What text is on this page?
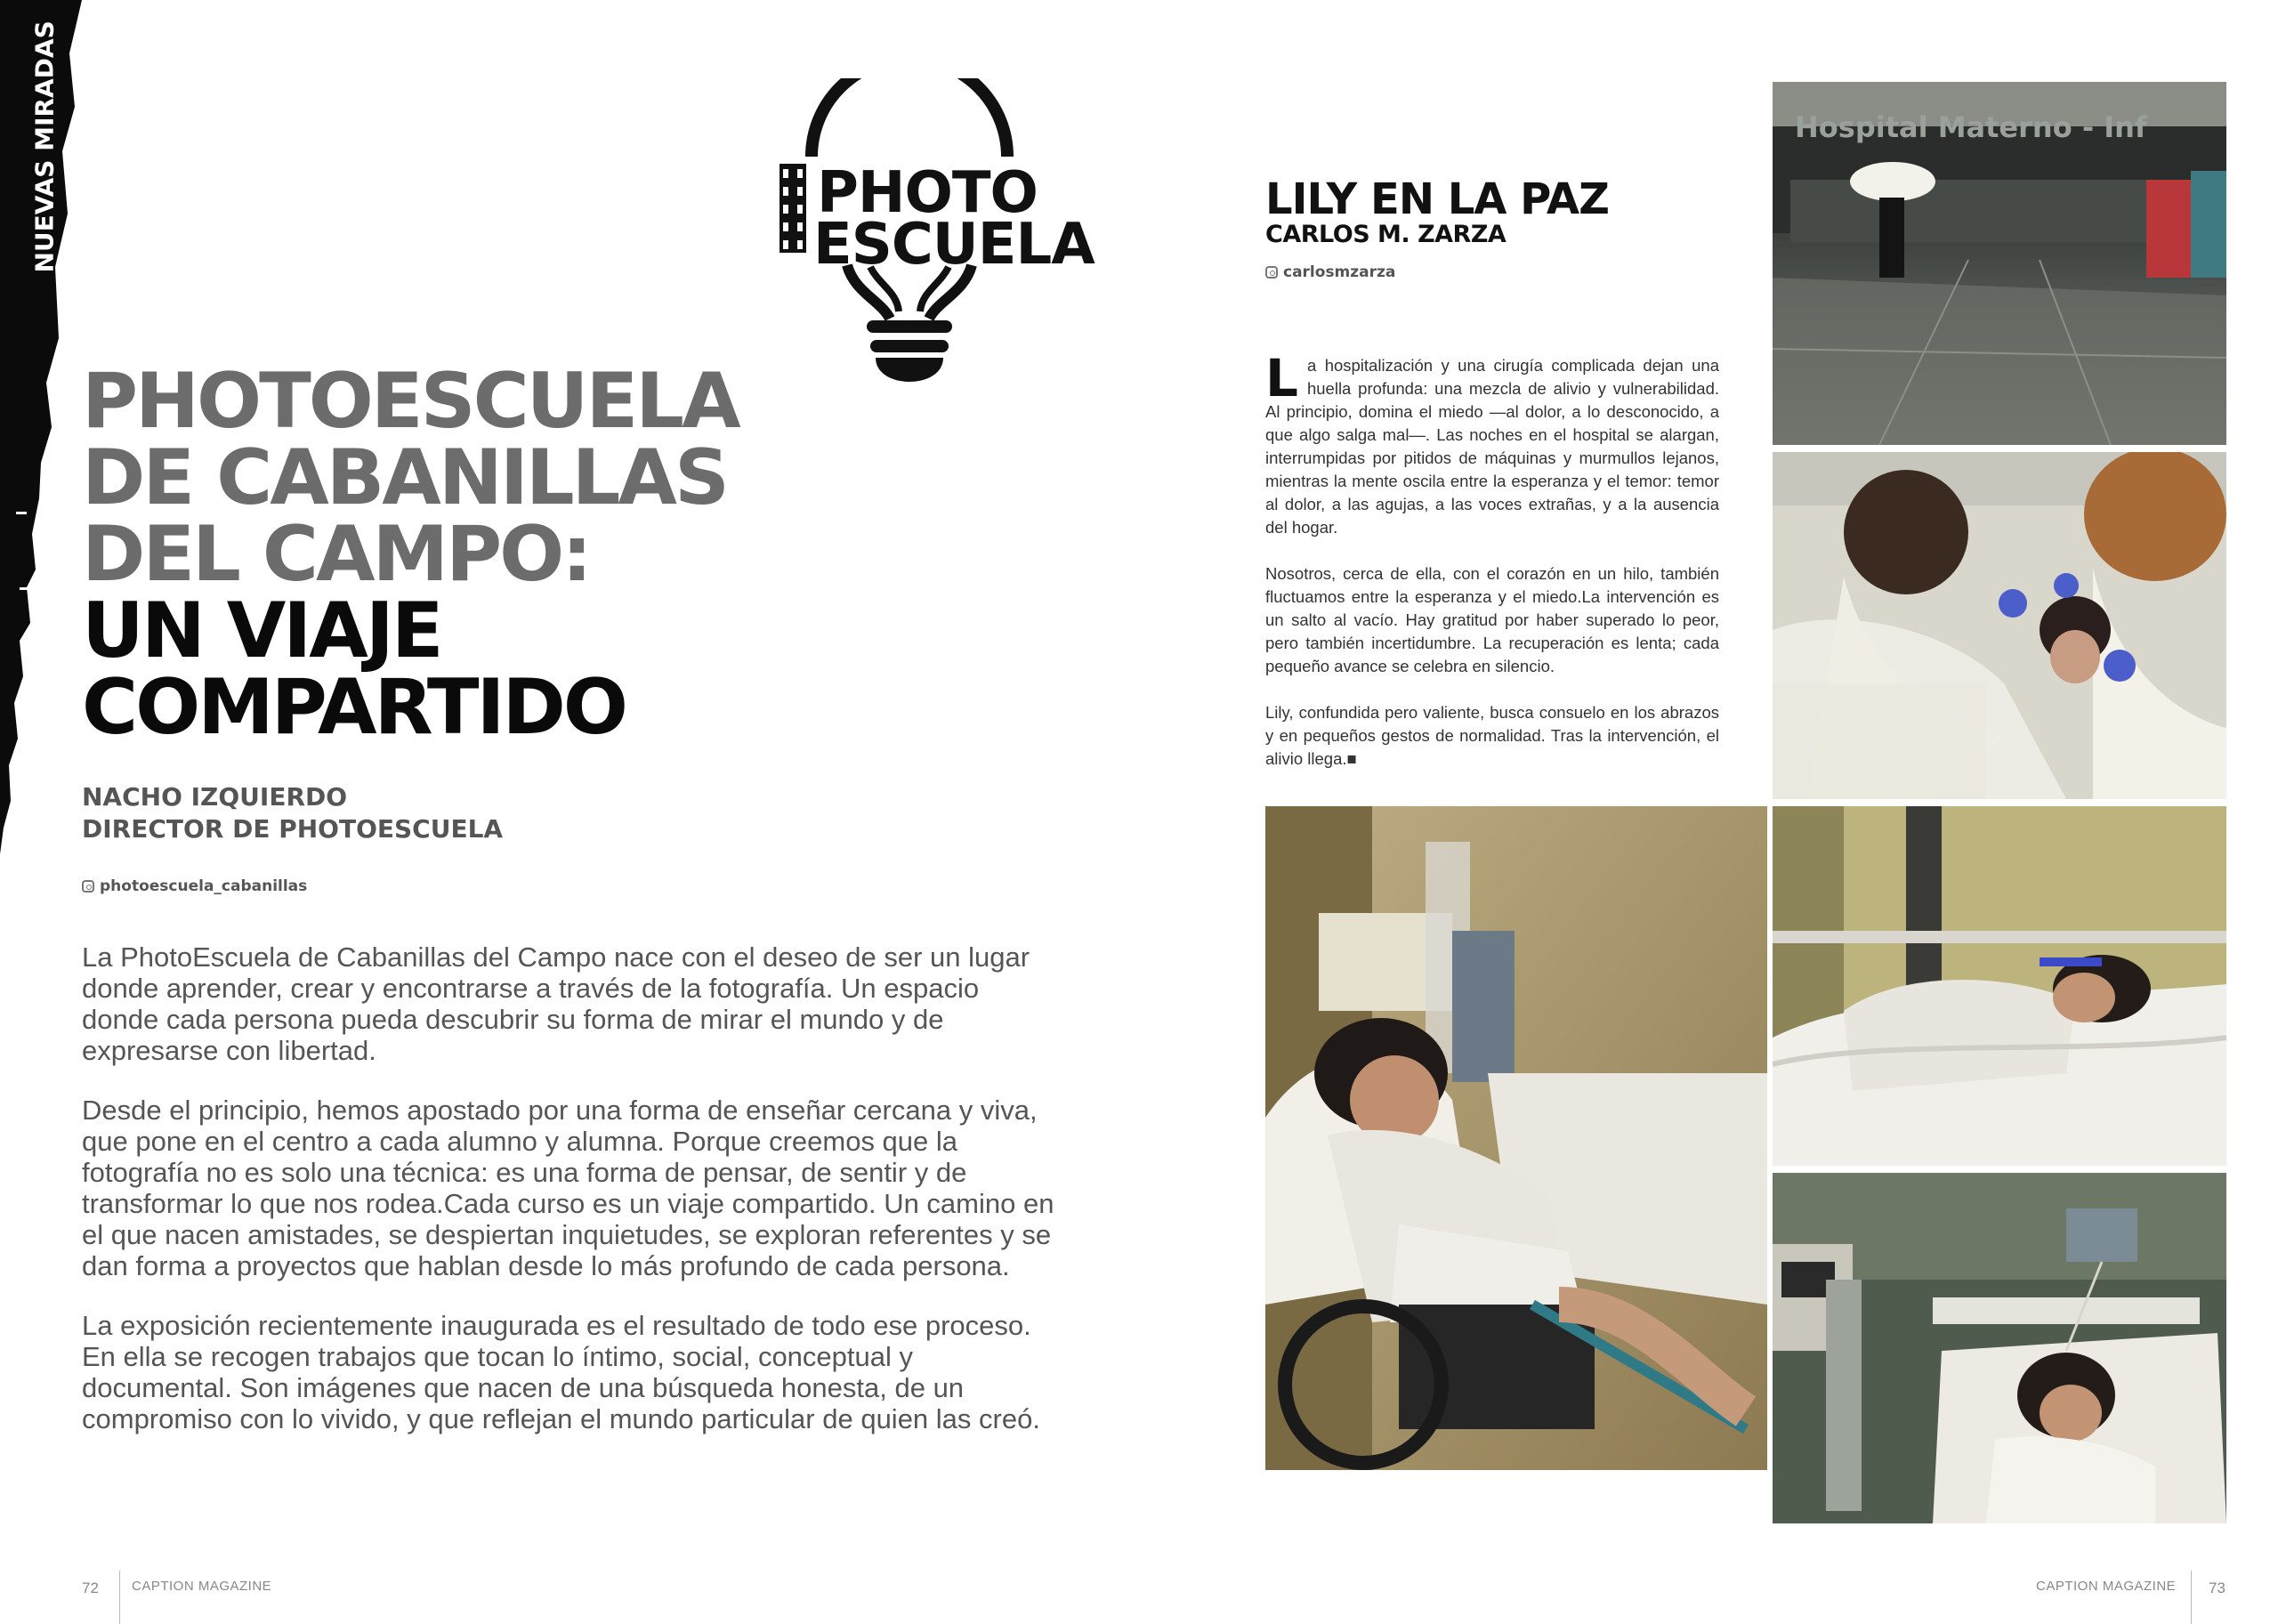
NUEVAS MIRADAS	PHOTO
ESCUELA
PHOTOESCUELA
DE CABANILLAS
DEL CAMPO:
UN VIAJE
COMPARTIDO
NACHO IZQUIERDO
DIRECTOR DE PHOTOESCUELA
photoescuela_cabanillas

La PhotoEscuela de Cabanillas del Campo nace con el deseo de ser un lugar donde aprender, crear y encontrarse a través de la fotografía. Un espacio donde cada persona pueda descubrir su forma de mirar el mundo y de expresarse con libertad.

Desde el principio, hemos apostado por una forma de enseñar cercana y viva, que pone en el centro a cada alumno y alumna. Porque creemos que la fotografía no es solo una técnica: es una forma de pensar, de sentir y de transformar lo que nos rodea.Cada curso es un viaje compartido. Un camino en el que nacen amistades, se despiertan inquietudes, se exploran referentes y se dan forma a proyectos que hablan desde lo más profundo de cada persona.

La exposición recientemente inaugurada es el resultado de todo ese proceso. En ella se recogen trabajos que tocan lo íntimo, social, conceptual y documental. Son imágenes que nacen de una búsqueda honesta, de un compromiso con lo vivido, y que reflejan el mundo particular de quien las creó.

LILY EN LA PAZ
CARLOS M. ZARZA
carlosmzarza

La hospitalización y una cirugía complicada dejan una huella profunda: una mezcla de alivio y vulnerabilidad. Al principio, domina el miedo —al dolor, a lo desconocido, a que algo salga mal—. Las noches en el hospital se alargan, interrumpidas por pitidos de máquinas y murmullos lejanos, mientras la mente oscila entre la esperanza y el temor: temor al dolor, a las agujas, a las voces extrañas, y a la ausencia del hogar.

Nosotros, cerca de ella, con el corazón en un hilo, también fluctuamos entre la esperanza y el miedo.La intervención es un salto al vacío. Hay gratitud por haber superado lo peor, pero también incertidumbre. La recuperación es lenta; cada pequeño avance se celebra en silencio.

Lily, confundida pero valiente, busca consuelo en los abrazos y en pequeños gestos de normalidad. Tras la intervención, el alivio llega.■

Hospital Materno - Inf
72 CAPTION MAGAZINE	CAPTION MAGAZINE 73
